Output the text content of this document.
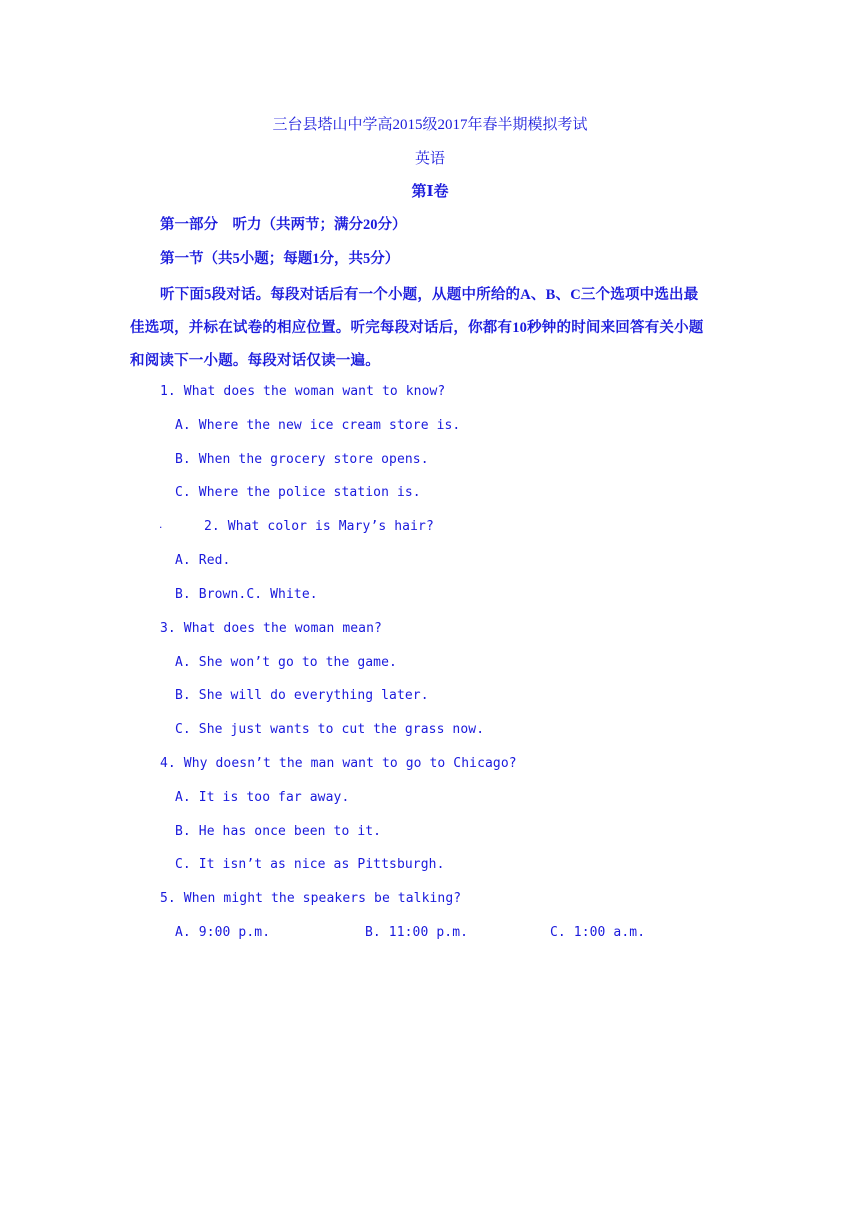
三台县塔山中学高2015级2017年春半期模拟考试
英语
第Ⅰ卷
第一部分　听力（共两节；满分20分）
第一节（共5小题；每题1分，共5分）
听下面5段对话。每段对话后有一个小题，从题中所给的A、B、C三个选项中选出最
佳选项，并标在试卷的相应位置。听完每段对话后，你都有10秒钟的时间来回答有关小题
和阅读下一小题。每段对话仅读一遍。
1. What does the woman want to know?
A. Where the new ice cream store is.
B. When the grocery store opens.
C. Where the police station is.
.	2. What color is Mary’s hair?
A. Red.
B. Brown.C. White.
3. What does the woman mean?
A. She won’t go to the game.
B. She will do everything later.
C. She just wants to cut the grass now.
4. Why doesn’t the man want to go to Chicago?
A. It is too far away.
B. He has once been to it.
C. It isn’t as nice as Pittsburgh.
5. When might the speakers be talking?
A. 9:00 p.m.	B. 11:00 p.m.	C. 1:00 a.m.
